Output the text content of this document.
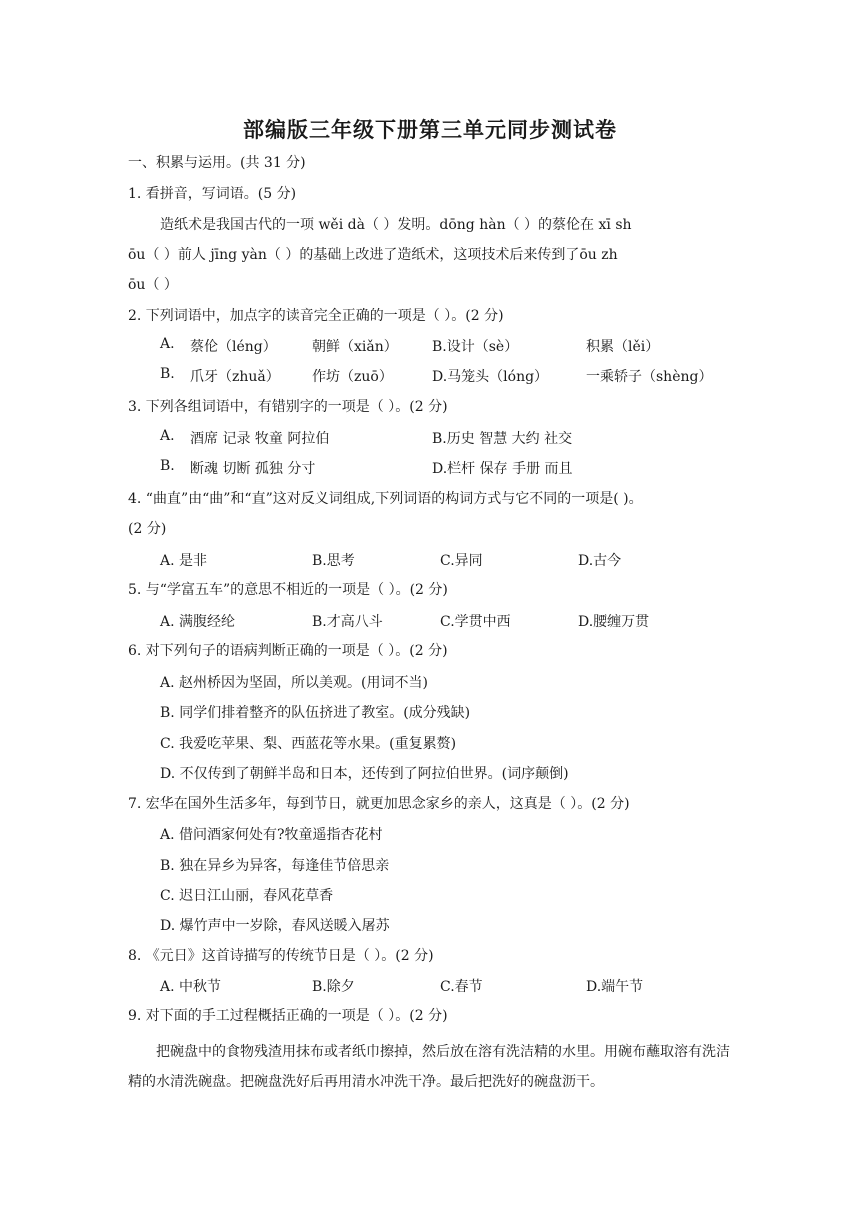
部编版三年级下册第三单元同步测试卷
一、积累与运用。(共 31 分)
1. 看拼音，写词语。(5 分)
造纸术是我国古代的一项 wěi dà（ ）发明。dōng hàn（ ）的蔡伦在 xī sh
ōu（ ）前人 jīng yàn（ ）的基础上改进了造纸术，这项技术后来传到了ōu zh
ōu（ ）
2. 下列词语中，加点字的读音完全正确的一项是（ ）。(2 分)
A. 蔡伦（léng）	朝鲜（xiǎn） B.设计（sè）	积累（lěi）
B. 爪牙（zhuǎ） 作坊（zuō）	D.马笼头（lóng）	一乘轿子（shèng）
3. 下列各组词语中，有错别字的一项是（ ）。(2 分)
A. 酒席 记录 牧童 阿拉伯	B.历史 智慧 大约 社交
B. 断魂 切断 孤独 分寸	D.栏杆 保存 手册 而且
4. “曲直”由“曲”和“直”这对反义词组成,下列词语的构词方式与它不同的一项是( )。
(2 分)
A. 是非	B.思考	C.异同	D.古今
5. 与“学富五车”的意思不相近的一项是（ ）。(2 分)
A. 满腹经纶	B.才高八斗	C.学贯中西	D.腰缠万贯
6. 对下列句子的语病判断正确的一项是（ ）。(2 分)
A. 赵州桥因为坚固，所以美观。(用词不当)
B. 同学们排着整齐的队伍挤进了教室。(成分残缺)
C. 我爱吃苹果、梨、西蓝花等水果。(重复累赘)
D. 不仅传到了朝鲜半岛和日本，还传到了阿拉伯世界。(词序颠倒)
7. 宏华在国外生活多年，每到节日，就更加思念家乡的亲人，这真是（ ）。(2 分)
A. 借问酒家何处有?牧童遥指杏花村
B. 独在异乡为异客，每逢佳节倍思亲
C. 迟日江山丽，春风花草香
D. 爆竹声中一岁除，春风送暖入屠苏
8. 《元日》这首诗描写的传统节日是（ ）。(2 分)
A. 中秋节	B.除夕	C.春节	D.端午节
9. 对下面的手工过程概括正确的一项是（ ）。(2 分)
把碗盘中的食物残渣用抹布或者纸巾擦掉，然后放在溶有洗洁精的水里。用碗布蘸取溶有洗洁精的水清洗碗盘。把碗盘洗好后再用清水冲洗干净。最后把洗好的碗盘沥干。
